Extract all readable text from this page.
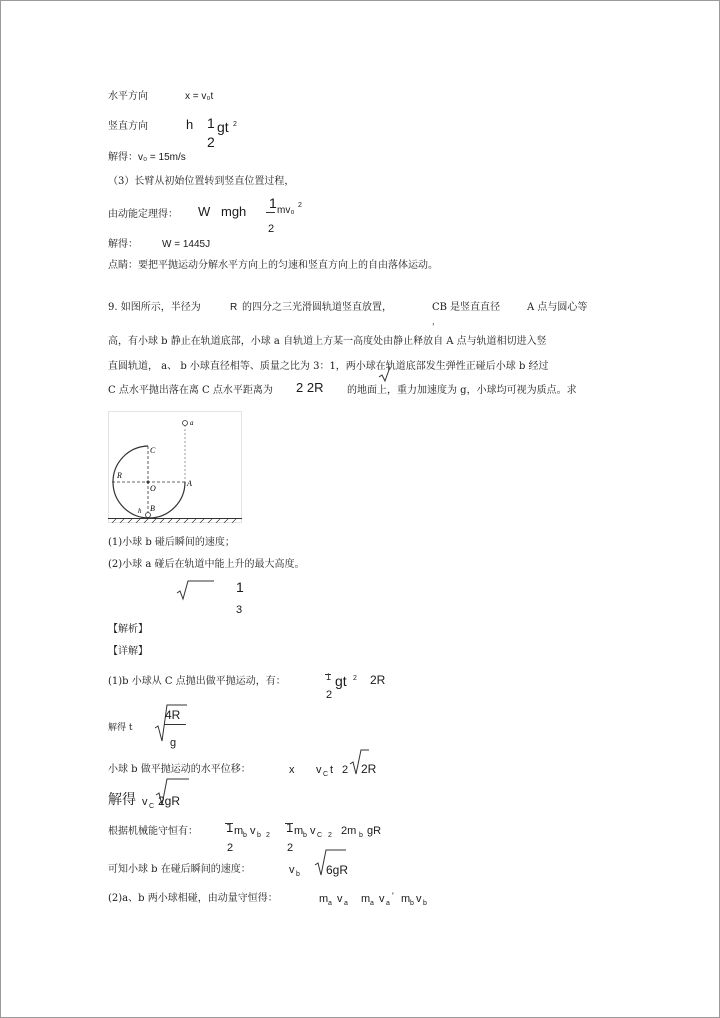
水平方向	x = v₀t
竖直方向	h 1 gt 2
2
解得：v₀ = 15m/s
（3）长臂从初始位置转到竖直位置过程，
由动能定理得： W mgh
1 mv₀ 2
2
解得： W = 1445J
点睛：要把平抛运动分解水平方向上的匀速和竖直方向上的自由落体运动。
9. 如图所示，半径为	R 的四分之三光滑圆轨道竖直放置，	CB 是竖直直径
，
A 点与圆心等
高，有小球 b 静止在轨道底部，小球 a 自轨道上方某一高度处由静止释放自 A 点与轨道相切进入竖
直圆轨道， a、 b 小球直径相等、质量之比为 3：1，两小球在轨道底部发生弹性正碰后小球 b 经过
C 点水平抛出落在离 C 点水平距离为 2 2R 的地面上，重力加速度为 g，小球均可视为质点。求
a
C
R
O
A
h B
(1)小球 b 碰后瞬间的速度；
(2)小球 a 碰后在轨道中能上升的最大高度。
1
3
【解析】
【详解】
(1)b 小球从 C 点抛出做平抛运动，有：	1 gt 2
2
2R
解得 t
4R
g
小球 b 做平抛运动的水平位移：	x v C t 2 2R
解得 v C 2gR
根据机械能守恒有： 1 m b v b 2
2
1 m b v C 2
2
2m b gR
可知小球 b 在碰后瞬间的速度：	v b 6gR
(2)a、b 两小球相碰，由动量守恒得：	m a v a m a v a
' m b v b
